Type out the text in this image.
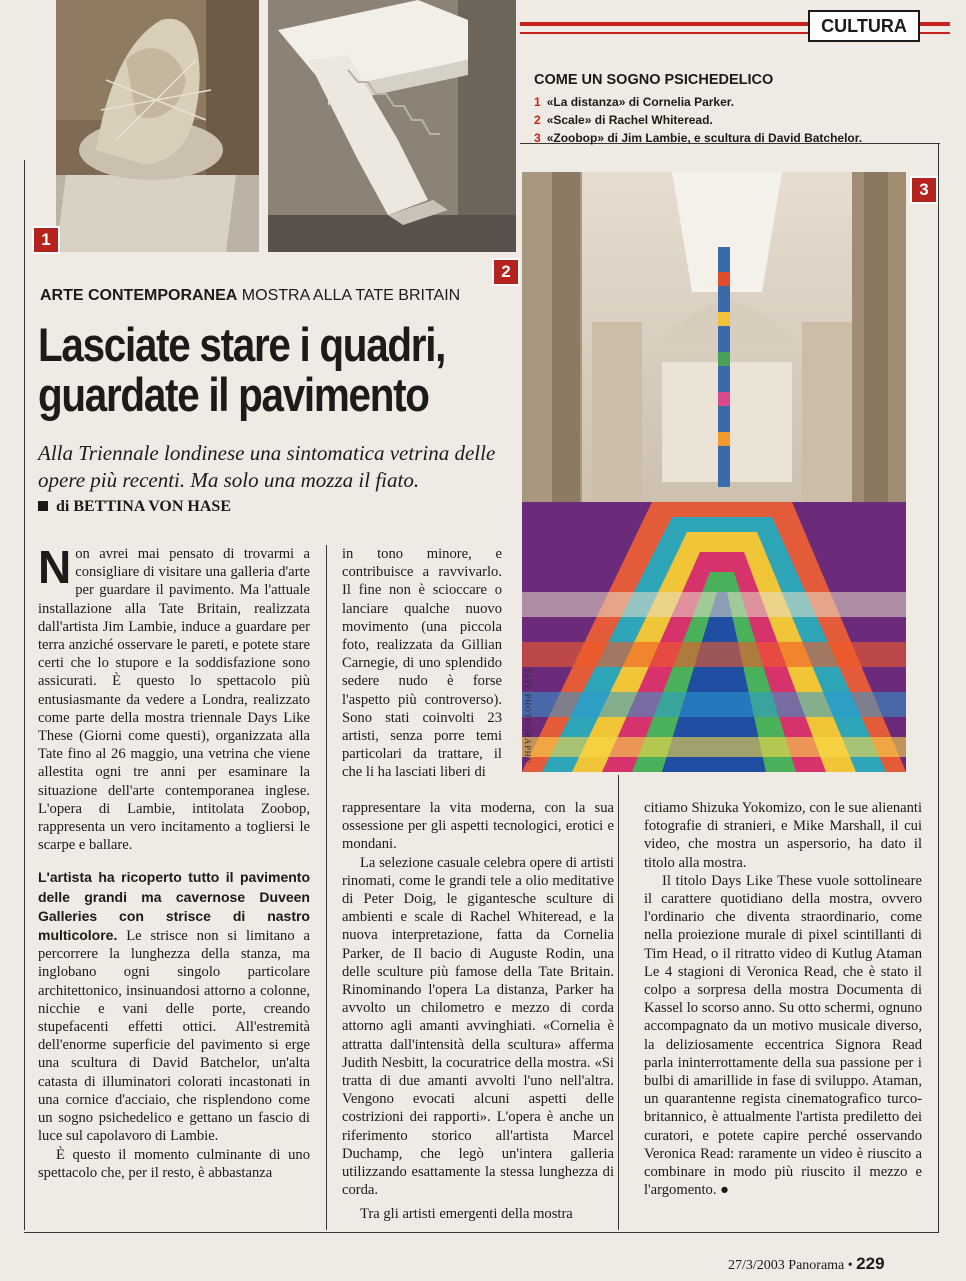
1
2
3
TATE PHOTOGRAPHY
CULTURA
COME UN SOGNO PSICHEDELICO
1 «La distanza» di Cornelia Parker.
2 «Scale» di Rachel Whiteread.
3 «Zoobop» di Jim Lambie, e scultura di David Batchelor.
ARTE CONTEMPORANEA MOSTRA ALLA TATE BRITAIN
Lasciate stare i quadri,
guardate il pavimento
Alla Triennale londinese una sintomatica vetrina delle opere più recenti. Ma solo una mozza il fiato.
di BETTINA VON HASE

Non avrei mai pensato di trovarmi a consigliare di visitare una galleria d'arte per guardare il pavimento. Ma l'attuale installazione alla Tate Britain, realizzata dall'artista Jim Lambie, induce a guardare per terra anziché osservare le pareti, e potete stare certi che lo stupore e la soddisfazione sono assicurati. È questo lo spettacolo più entusiasmante da vedere a Londra, realizzato come parte della mostra triennale Days Like These (Giorni come questi), organizzata alla Tate fino al 26 maggio, una vetrina che viene allestita ogni tre anni per esaminare la situazione dell'arte contemporanea inglese. L'opera di Lambie, intitolata Zoobop, rappresenta un vero incitamento a togliersi le scarpe e ballare.

L'artista ha ricoperto tutto il pavimento delle grandi ma cavernose Duveen Galleries con strisce di nastro multicolore. Le strisce non si limitano a percorrere la lunghezza della stanza, ma inglobano ogni singolo particolare architettonico, insinuandosi attorno a colonne, nicchie e vani delle porte, creando stupefacenti effetti ottici. All'estremità dell'enorme superficie del pavimento si erge una scultura di David Batchelor, un'alta catasta di illuminatori colorati incastonati in una cornice d'acciaio, che risplendono come un sogno psichedelico e gettano un fascio di luce sul capolavoro di Lambie.

È questo il momento culminante di uno spettacolo che, per il resto, è abbastanza

in tono minore, e contribuisce a ravvivarlo. Il fine non è scioccare o lanciare qualche nuovo movimento (una piccola foto, realizzata da Gillian Carnegie, di uno splendido sedere nudo è forse l'aspetto più controverso). Sono stati coinvolti 23 artisti, senza porre temi particolari da trattare, il che li ha lasciati liberi di

rappresentare la vita moderna, con la sua ossessione per gli aspetti tecnologici, erotici e mondani.

La selezione casuale celebra opere di artisti rinomati, come le grandi tele a olio meditative di Peter Doig, le gigantesche sculture di ambienti e scale di Rachel Whiteread, e la nuova interpretazione, fatta da Cornelia Parker, de Il bacio di Auguste Rodin, una delle sculture più famose della Tate Britain. Rinominando l'opera La distanza, Parker ha avvolto un chilometro e mezzo di corda attorno agli amanti avvinghiati. «Cornelia è attratta dall'intensità della scultura» afferma Judith Nesbitt, la cocuratrice della mostra. «Si tratta di due amanti avvolti l'uno nell'altra. Vengono evocati alcuni aspetti delle costrizioni dei rapporti». L'opera è anche un riferimento storico all'artista Marcel Duchamp, che legò un'intera galleria utilizzando esattamente la stessa lunghezza di corda.

Tra gli artisti emergenti della mostra

citiamo Shizuka Yokomizo, con le sue alienanti fotografie di stranieri, e Mike Marshall, il cui video, che mostra un aspersorio, ha dato il titolo alla mostra.

Il titolo Days Like These vuole sottolineare il carattere quotidiano della mostra, ovvero l'ordinario che diventa straordinario, come nella proiezione murale di pixel scintillanti di Tim Head, o il ritratto video di Kutlug Ataman Le 4 stagioni di Veronica Read, che è stato il colpo a sorpresa della mostra Documenta di Kassel lo scorso anno. Su otto schermi, ognuno accompagnato da un motivo musicale diverso, la deliziosamente eccentrica Signora Read parla ininterrottamente della sua passione per i bulbi di amarillide in fase di sviluppo. Ataman, un quarantenne regista cinematografico turco-britannico, è attualmente l'artista prediletto dei curatori, e potete capire perché osservando Veronica Read: raramente un video è riuscito a combinare in modo più riuscito il mezzo e l'argomento. ●

27/3/2003 Panorama • 229
